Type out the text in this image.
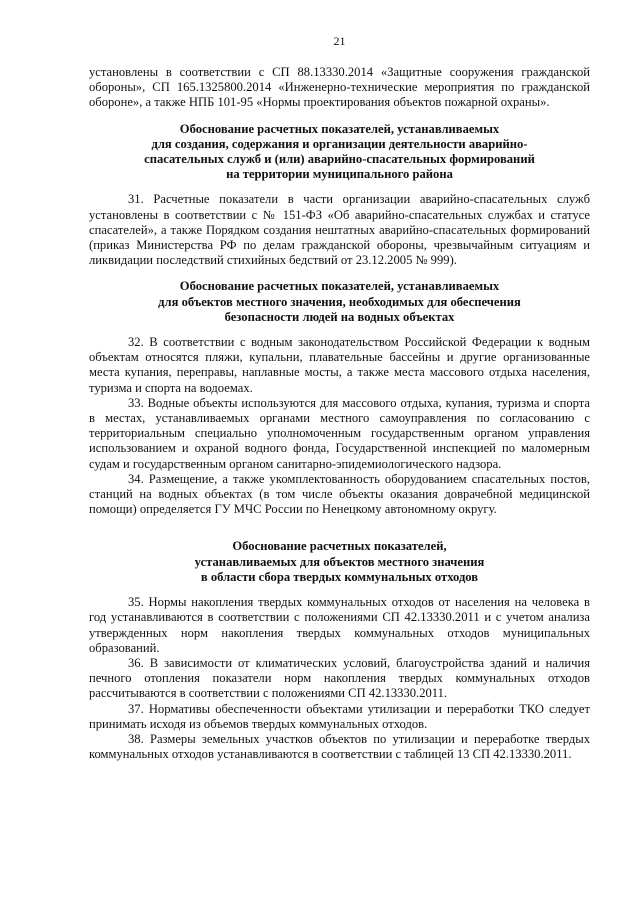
21

установлены в соответствии с СП 88.13330.2014 «Защитные сооружения гражданской обороны», СП 165.1325800.2014 «Инженерно-технические мероприятия по гражданской обороне», а также НПБ 101-95 «Нормы проектирования объектов пожарной охраны».

Обоснование расчетных показателей, устанавливаемых
для создания, содержания и организации деятельности аварийно-
спасательных служб и (или) аварийно-спасательных формирований
на территории муниципального района

31. Расчетные показатели в части организации аварийно-спасательных служб установлены в соответствии с № 151-ФЗ «Об аварийно-спасательных службах и статусе спасателей», а также Порядком создания нештатных аварийно-спасательных формирований (приказ Министерства РФ по делам гражданской обороны, чрезвычайным ситуациям и ликвидации последствий стихийных бедствий от 23.12.2005 № 999).

Обоснование расчетных показателей, устанавливаемых
для объектов местного значения, необходимых для обеспечения
безопасности людей на водных объектах

32. В соответствии с водным законодательством Российской Федерации к водным объектам относятся пляжи, купальни, плавательные бассейны и другие организованные места купания, переправы, наплавные мосты, а также места массового отдыха населения, туризма и спорта на водоемах.

33. Водные объекты используются для массового отдыха, купания, туризма и спорта в местах, устанавливаемых органами местного самоуправления по согласованию с территориальным специально уполномоченным государственным органом управления использованием и охраной водного фонда, Государственной инспекцией по маломерным судам и государственным органом санитарно-эпидемиологического надзора.

34. Размещение, а также укомплектованность оборудованием спасательных постов, станций на водных объектах (в том числе объекты оказания доврачебной медицинской помощи) определяется ГУ МЧС России по Ненецкому автономному округу.

Обоснование расчетных показателей,
устанавливаемых для объектов местного значения
в области сбора твердых коммунальных отходов

35. Нормы накопления твердых коммунальных отходов от населения на человека в год устанавливаются в соответствии с положениями СП 42.13330.2011 и с учетом анализа утвержденных норм накопления твердых коммунальных отходов муниципальных образований.

36. В зависимости от климатических условий, благоустройства зданий и наличия печного отопления показатели норм накопления твердых коммунальных отходов рассчитываются в соответствии с положениями СП 42.13330.2011.

37. Нормативы обеспеченности объектами утилизации и переработки ТКО следует принимать исходя из объемов твердых коммунальных отходов.

38. Размеры земельных участков объектов по утилизации и переработке твердых коммунальных отходов устанавливаются в соответствии с таблицей 13 СП 42.13330.2011.
